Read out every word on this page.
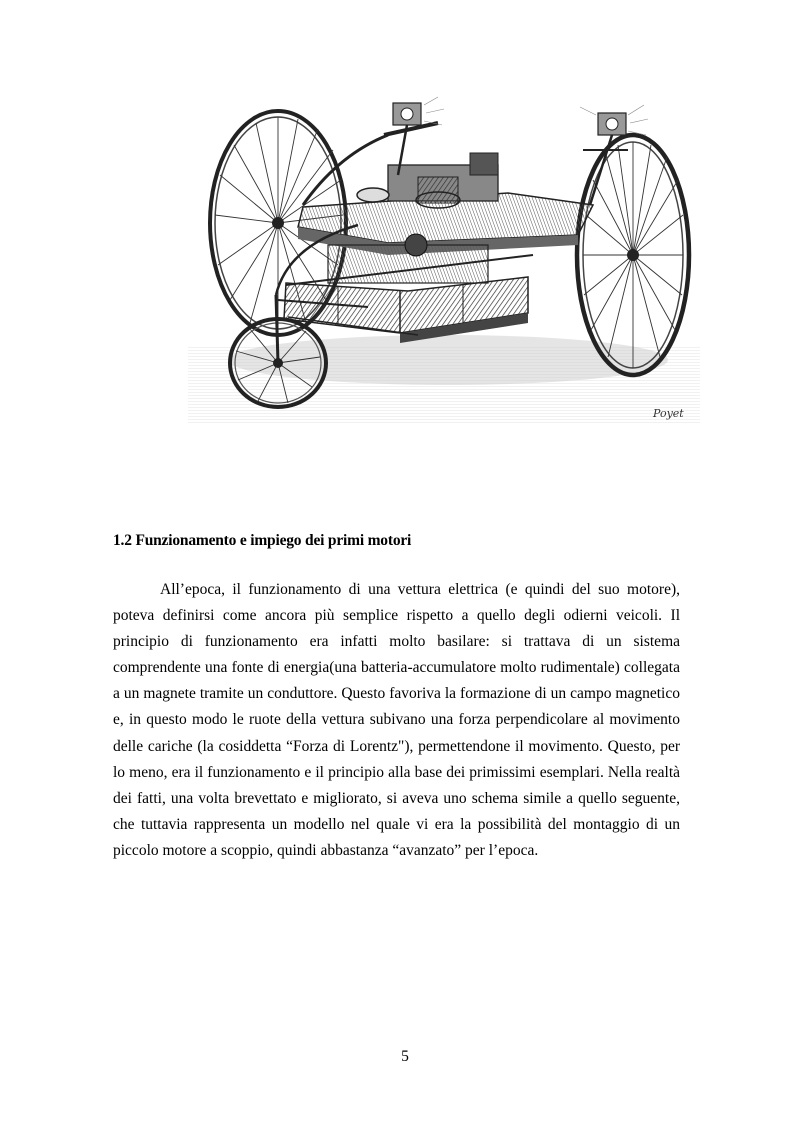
Poyet
1.2 Funzionamento e impiego dei primi motori

All’epoca, il funzionamento di una vettura elettrica (e quindi del suo motore), poteva definirsi come ancora più semplice rispetto a quello degli odierni veicoli. Il principio di funzionamento era infatti molto basilare: si trattava di un sistema comprendente una fonte di energia(una batteria-accumulatore molto rudimentale) collegata a un magnete tramite un conduttore. Questo favoriva la formazione di un campo magnetico e, in questo modo le ruote della vettura subivano una forza perpendicolare al movimento delle cariche (la cosiddetta “Forza di Lorentz"), permettendone il movimento. Questo, per lo meno, era il funzionamento e il principio alla base dei primissimi esemplari. Nella realtà dei fatti, una volta brevettato e migliorato, si aveva uno schema simile a quello seguente, che tuttavia rappresenta un modello nel quale vi era la possibilità del montaggio di un piccolo motore a scoppio, quindi abbastanza “avanzato” per l’epoca.

5
